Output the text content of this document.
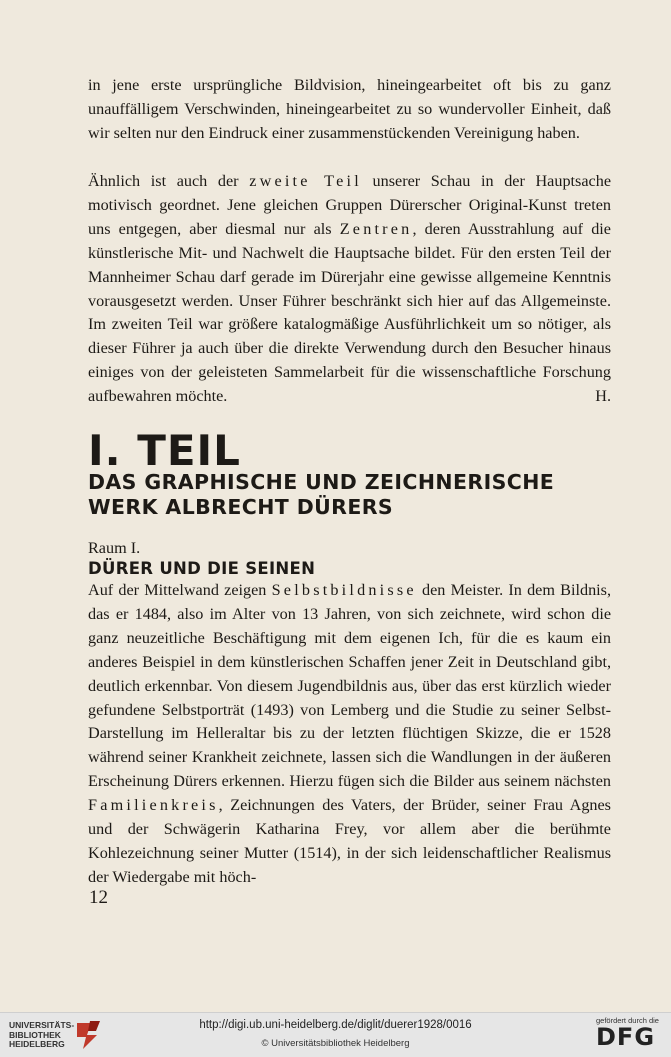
in jene erste ursprüngliche Bildvision, hineingearbeitet oft bis zu ganz unauffälligem Verschwinden, hineingearbeitet zu so wundervoller Einheit, daß wir selten nur den Eindruck einer zusammenstückenden Vereinigung haben.

Ähnlich ist auch der zweite Teil unserer Schau in der Hauptsache motivisch geordnet. Jene gleichen Gruppen Dürerscher Original-Kunst treten uns entgegen, aber diesmal nur als Zentren, deren Ausstrahlung auf die künstlerische Mit- und Nachwelt die Hauptsache bildet. Für den ersten Teil der Mannheimer Schau darf gerade im Dürerjahr eine gewisse allgemeine Kenntnis vorausgesetzt werden. Unser Führer beschränkt sich hier auf das Allgemeinste. Im zweiten Teil war größere katalogmäßige Ausführlichkeit um so nötiger, als dieser Führer ja auch über die direkte Verwendung durch den Besucher hinaus einiges von der geleisteten Sammelarbeit für die wissenschaftliche Forschung aufbewahren möchte.	H.

I. TEIL
DAS GRAPHISCHE UND ZEICHNERISCHE WERK ALBRECHT DÜRERS

Raum I.

DÜRER UND DIE SEINEN

Auf der Mittelwand zeigen Selbstbildnisse den Meister. In dem Bildnis, das er 1484, also im Alter von 13 Jahren, von sich zeichnete, wird schon die ganz neuzeitliche Beschäftigung mit dem eigenen Ich, für die es kaum ein anderes Beispiel in dem künstlerischen Schaffen jener Zeit in Deutschland gibt, deutlich erkennbar. Von diesem Jugendbildnis aus, über das erst kürzlich wieder gefundene Selbstporträt (1493) von Lemberg und die Studie zu seiner Selbst-Darstellung im Helleraltar bis zu der letzten flüchtigen Skizze, die er 1528 während seiner Krankheit zeichnete, lassen sich die Wandlungen in der äußeren Erscheinung Dürers erkennen. Hierzu fügen sich die Bilder aus seinem nächsten Familienkreis, Zeichnungen des Vaters, der Brüder, seiner Frau Agnes und der Schwägerin Katharina Frey, vor allem aber die berühmte Kohlezeichnung seiner Mutter (1514), in der sich leidenschaftlicher Realismus der Wiedergabe mit höch-

12

UNIVERSITÄTS-
BIBLIOTHEK
HEIDELBERG
http://digi.ub.uni-heidelberg.de/diglit/duerer1928/0016
© Universitätsbibliothek Heidelberg
gefördert durch die
DFG
